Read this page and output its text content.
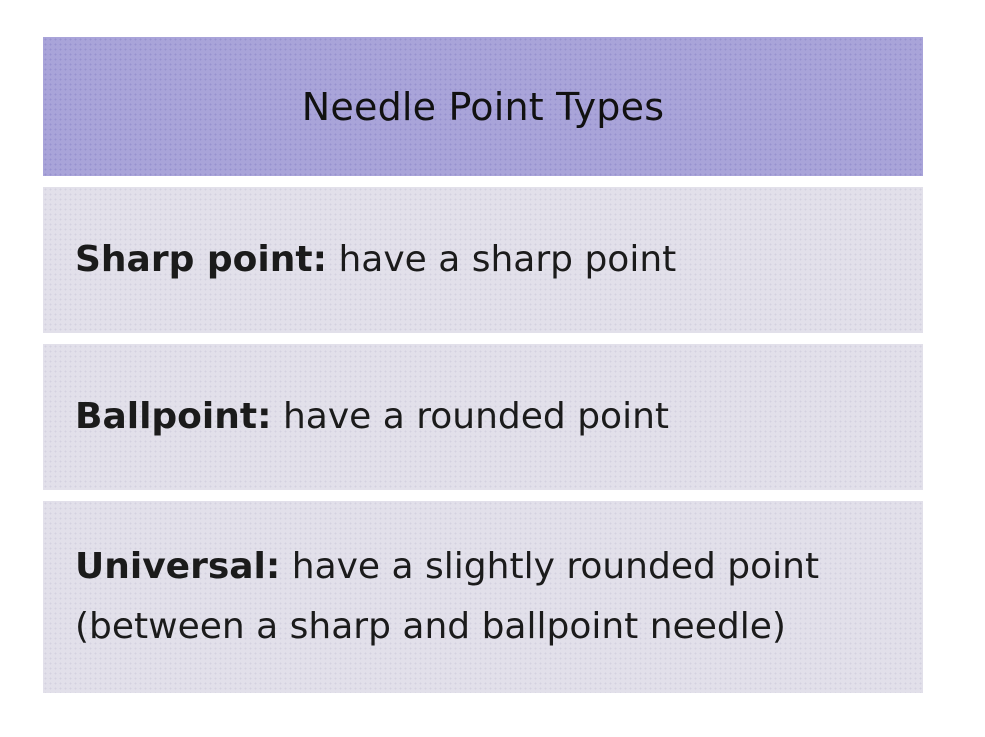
Needle Point Types
Sharp point: have a sharp point
Ballpoint: have a rounded point
Universal: have a slightly rounded point (between a sharp and ballpoint needle)
